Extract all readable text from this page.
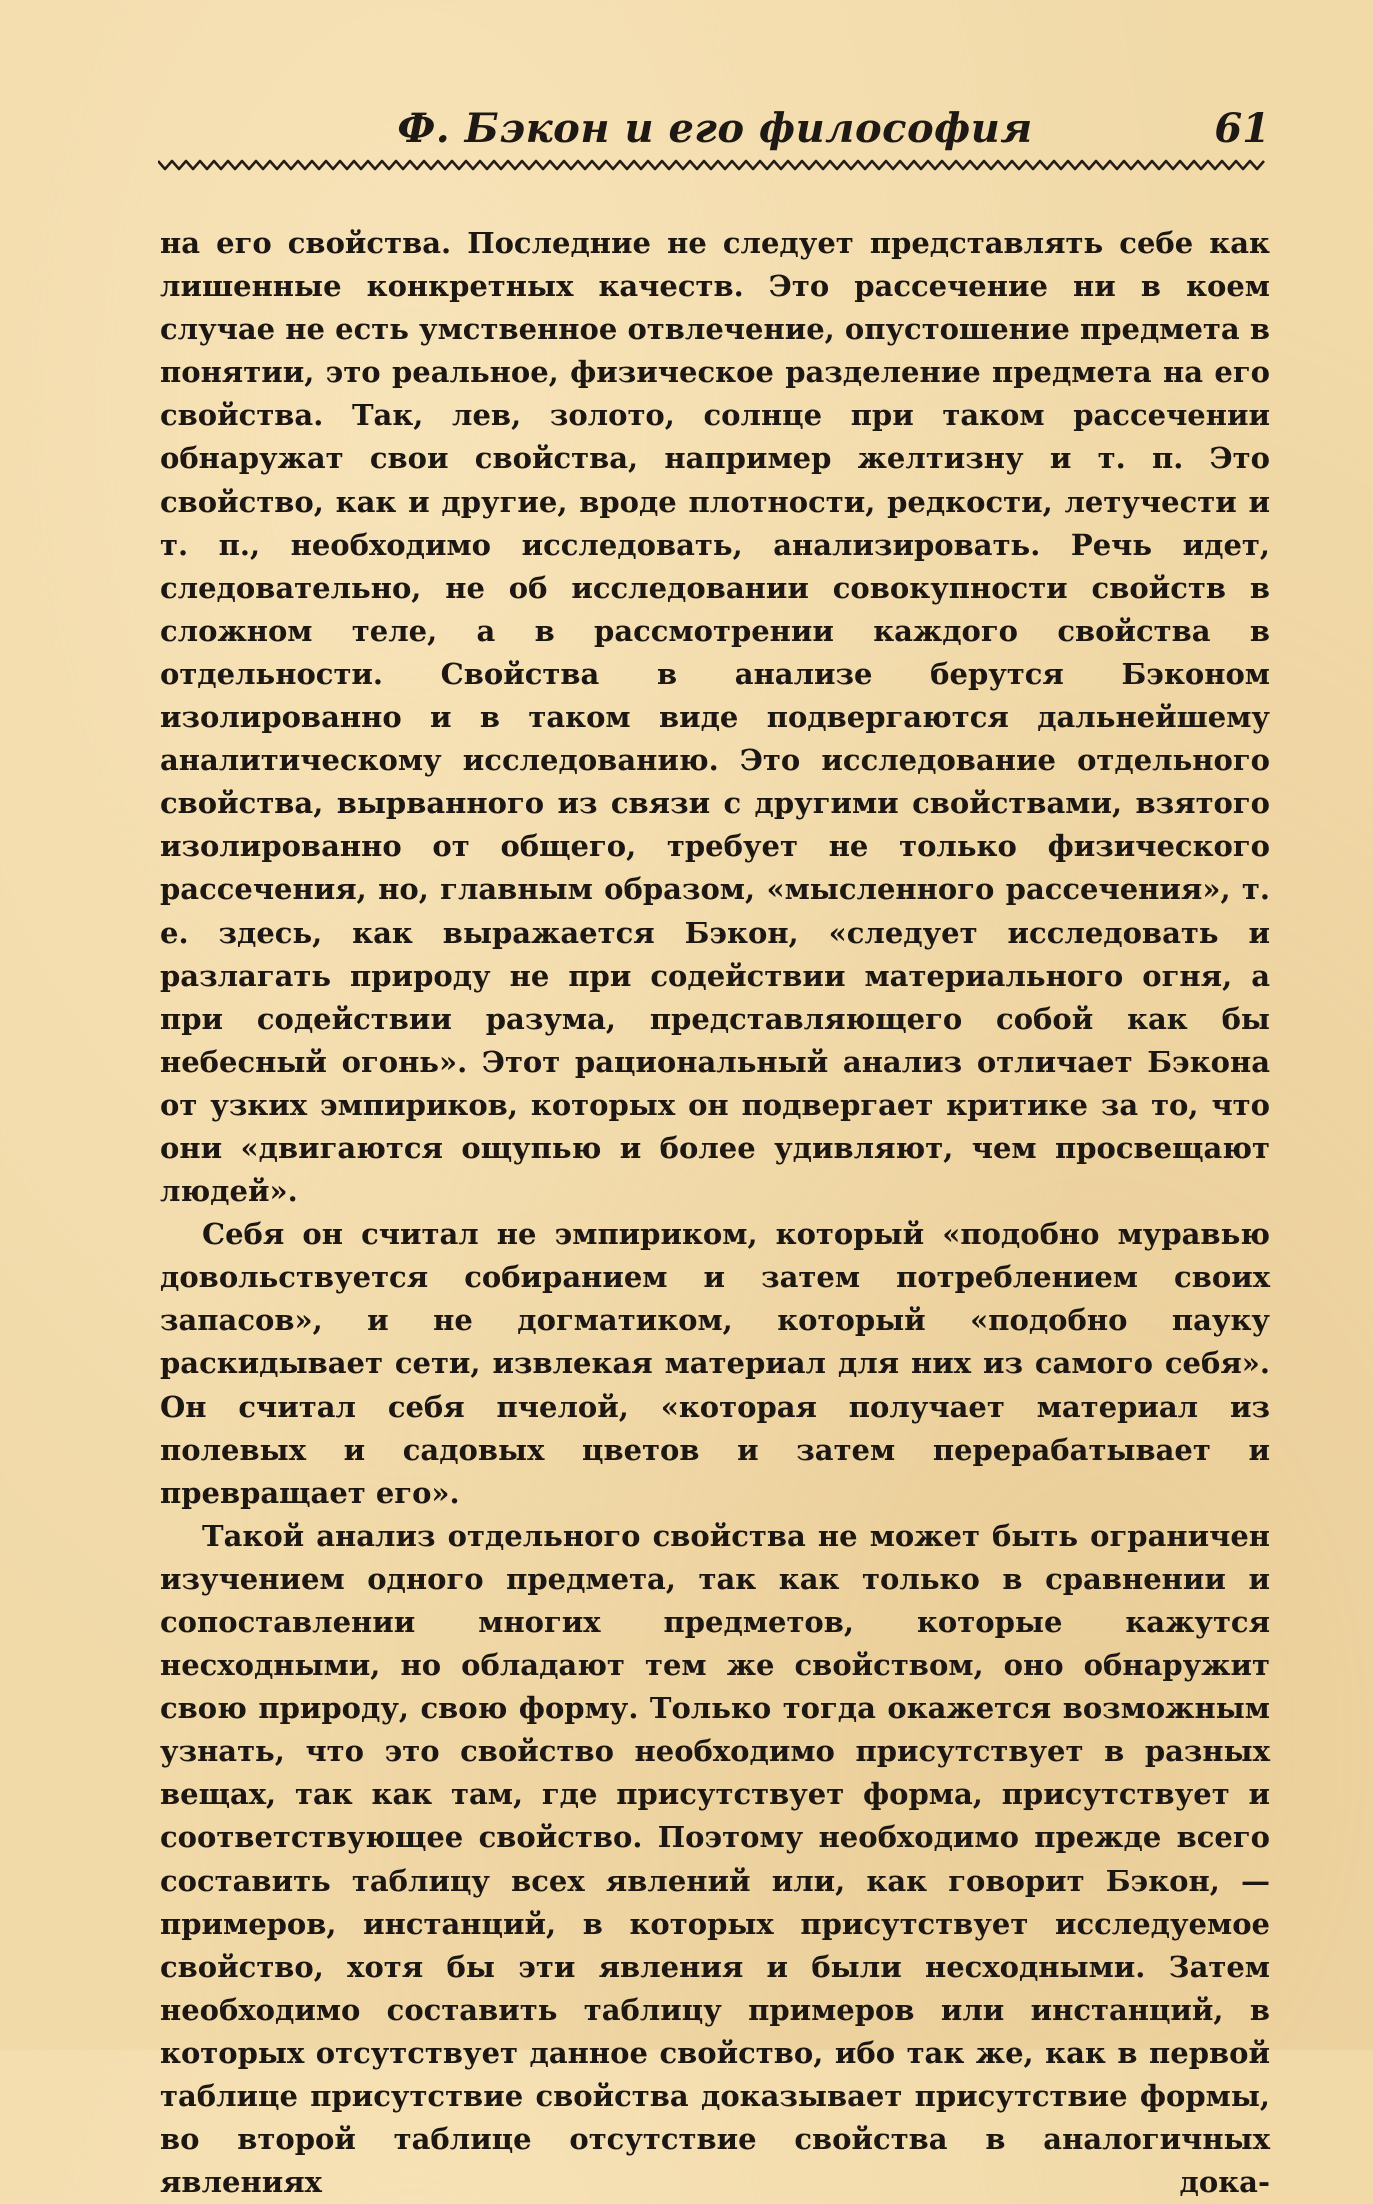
Ф. Бэкон и его философия	61

на его свойства. Последние не следует представлять себе как лишенные конкретных качеств. Это рассечение ни в коем случае не есть умственное отвлечение, опустошение предмета в понятии, это реальное, физическое разделение предмета на его свойства. Так, лев, золото, солнце при таком рассечении обнаружат свои свойства, например желтизну и т. п. Это свойство, как и другие, вроде плотности, редкости, летучести и т. п., необходимо исследовать, анализировать. Речь идет, следовательно, не об исследовании совокупности свойств в сложном теле, а в рассмотрении каждого свойства в отдельности. Свойства в анализе берутся Бэконом изолированно и в таком виде подвергаются дальнейшему аналитическому исследованию. Это исследование отдельного свойства, вырванного из связи с другими свойствами, взятого изолированно от общего, требует не только физического рассечения, но, главным образом, «мысленного рассечения», т. е. здесь, как выражается Бэкон, «следует исследовать и разлагать природу не при содействии материального огня, а при содействии разума, представляющего собой как бы небесный огонь». Этот рациональный анализ отличает Бэкона от узких эмпириков, которых он подвергает критике за то, что они «двигаются ощупью и более удивляют, чем просвещают людей».

Себя он считал не эмпириком, который «подобно муравью довольствуется собиранием и затем потреблением своих запасов», и не догматиком, который «подобно пауку раскидывает сети, извлекая материал для них из самого себя». Он считал себя пчелой, «которая получает материал из полевых и садовых цветов и затем перерабатывает и превращает его».

Такой анализ отдельного свойства не может быть ограничен изучением одного предмета, так как только в сравнении и сопоставлении многих предметов, которые кажутся несходными, но обладают тем же свойством, оно обнаружит свою природу, свою форму. Только тогда окажется возможным узнать, что это свойство необходимо присутствует в разных вещах, так как там, где присутствует форма, присутствует и соответствующее свойство. Поэтому необходимо прежде всего составить таблицу всех явлений или, как говорит Бэкон, — примеров, инстанций, в которых присутствует исследуемое свойство, хотя бы эти явления и были несходными. Затем необходимо составить таблицу примеров или инстанций, в которых отсутствует данное свойство, ибо так же, как в первой таблице присутствие свойства доказывает присутствие формы, во второй таблице отсутствие свойства в аналогичных явлениях дока-
